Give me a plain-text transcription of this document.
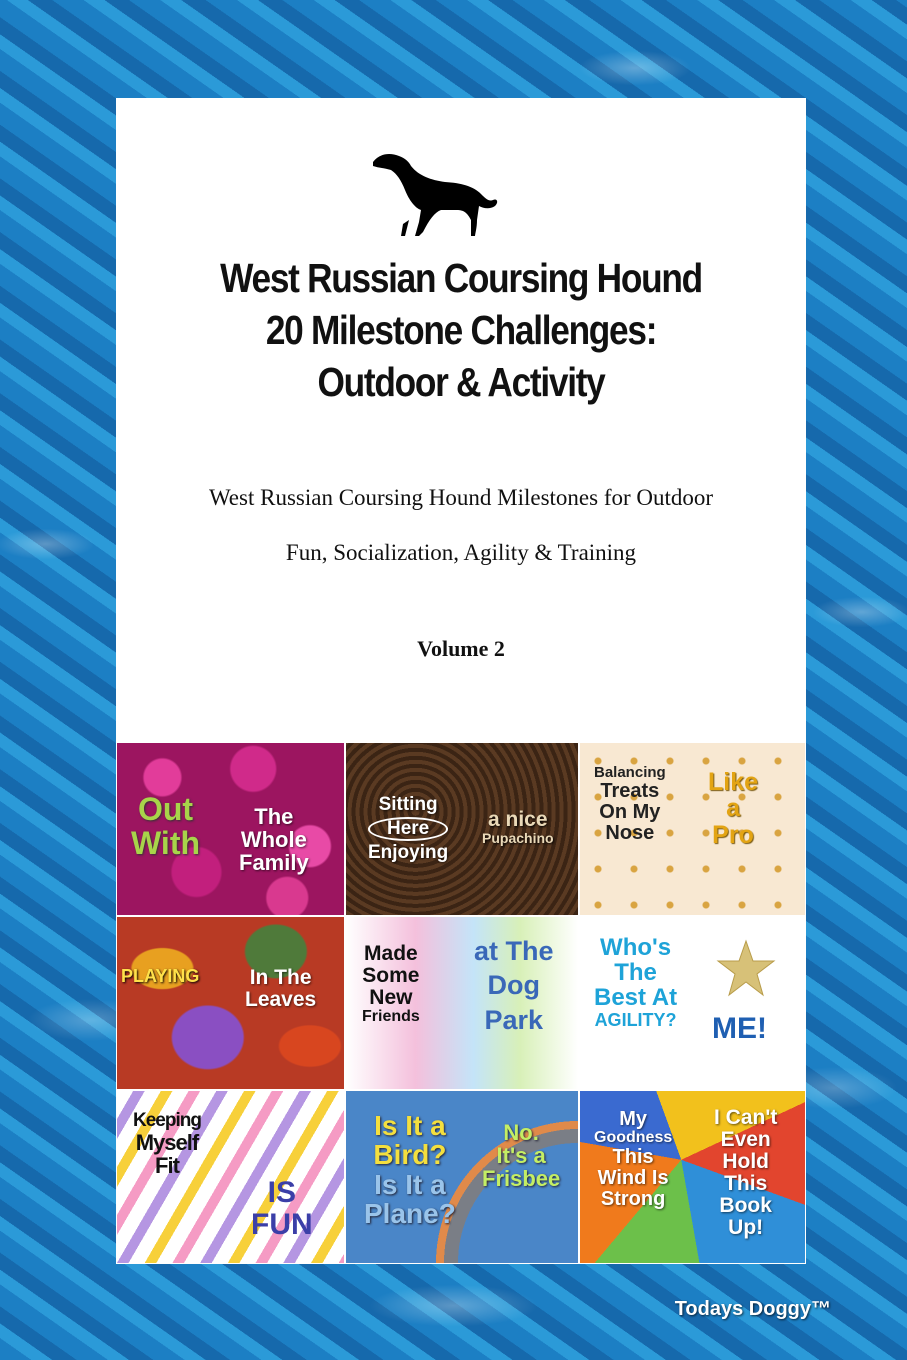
West Russian Coursing Hound
20 Milestone Challenges:
Outdoor & Activity
West Russian Coursing Hound Milestones for Outdoor
Fun, Socialization, Agility & Training
Volume 2
Out
With
The
Whole
Family
Sitting
Here
Enjoying
a nice
Pupachino
Balancing
Treats
On My
Nose
Like
a
Pro
PLAYING In The
Leaves
Made
Some
New
Friends
at The
Dog
Park
Who's
The
Best At
AGILITY? ME!
Keeping
Myself
Fit
IS
FUN
Is It a
Bird?
Is It a
Plane?
No.
It's a
Frisbee
My
Goodness
This
Wind Is
Strong
I Can't
Even
Hold
This
Book
Up!
Todays Doggy™
